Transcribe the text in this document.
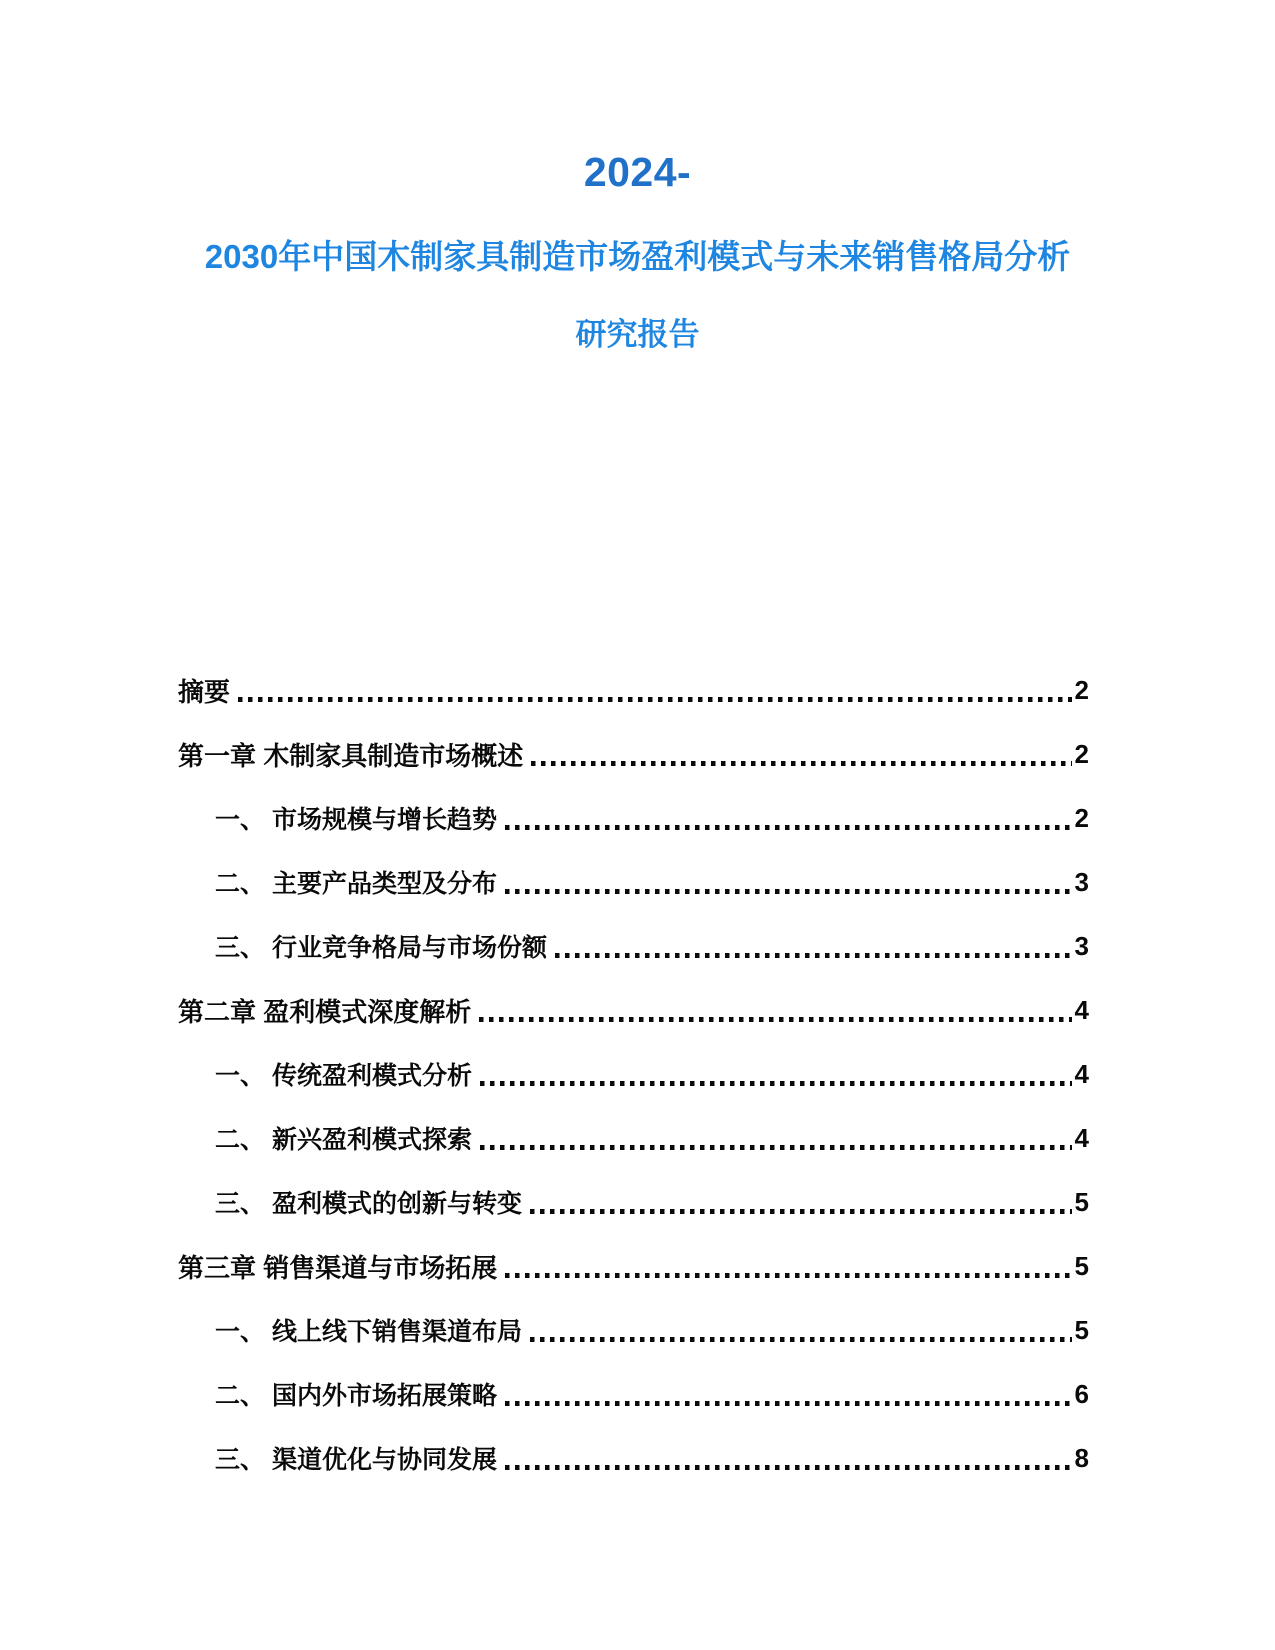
2024-
2030年中国木制家具制造市场盈利模式与未来销售格局分析
研究报告
摘要	2
第一章 木制家具制造市场概述	2
一、 市场规模与增长趋势	2
二、 主要产品类型及分布	3
三、 行业竞争格局与市场份额	3
第二章 盈利模式深度解析	4
一、 传统盈利模式分析	4
二、 新兴盈利模式探索	4
三、 盈利模式的创新与转变	5
第三章 销售渠道与市场拓展	5
一、 线上线下销售渠道布局	5
二、 国内外市场拓展策略	6
三、 渠道优化与协同发展	8
